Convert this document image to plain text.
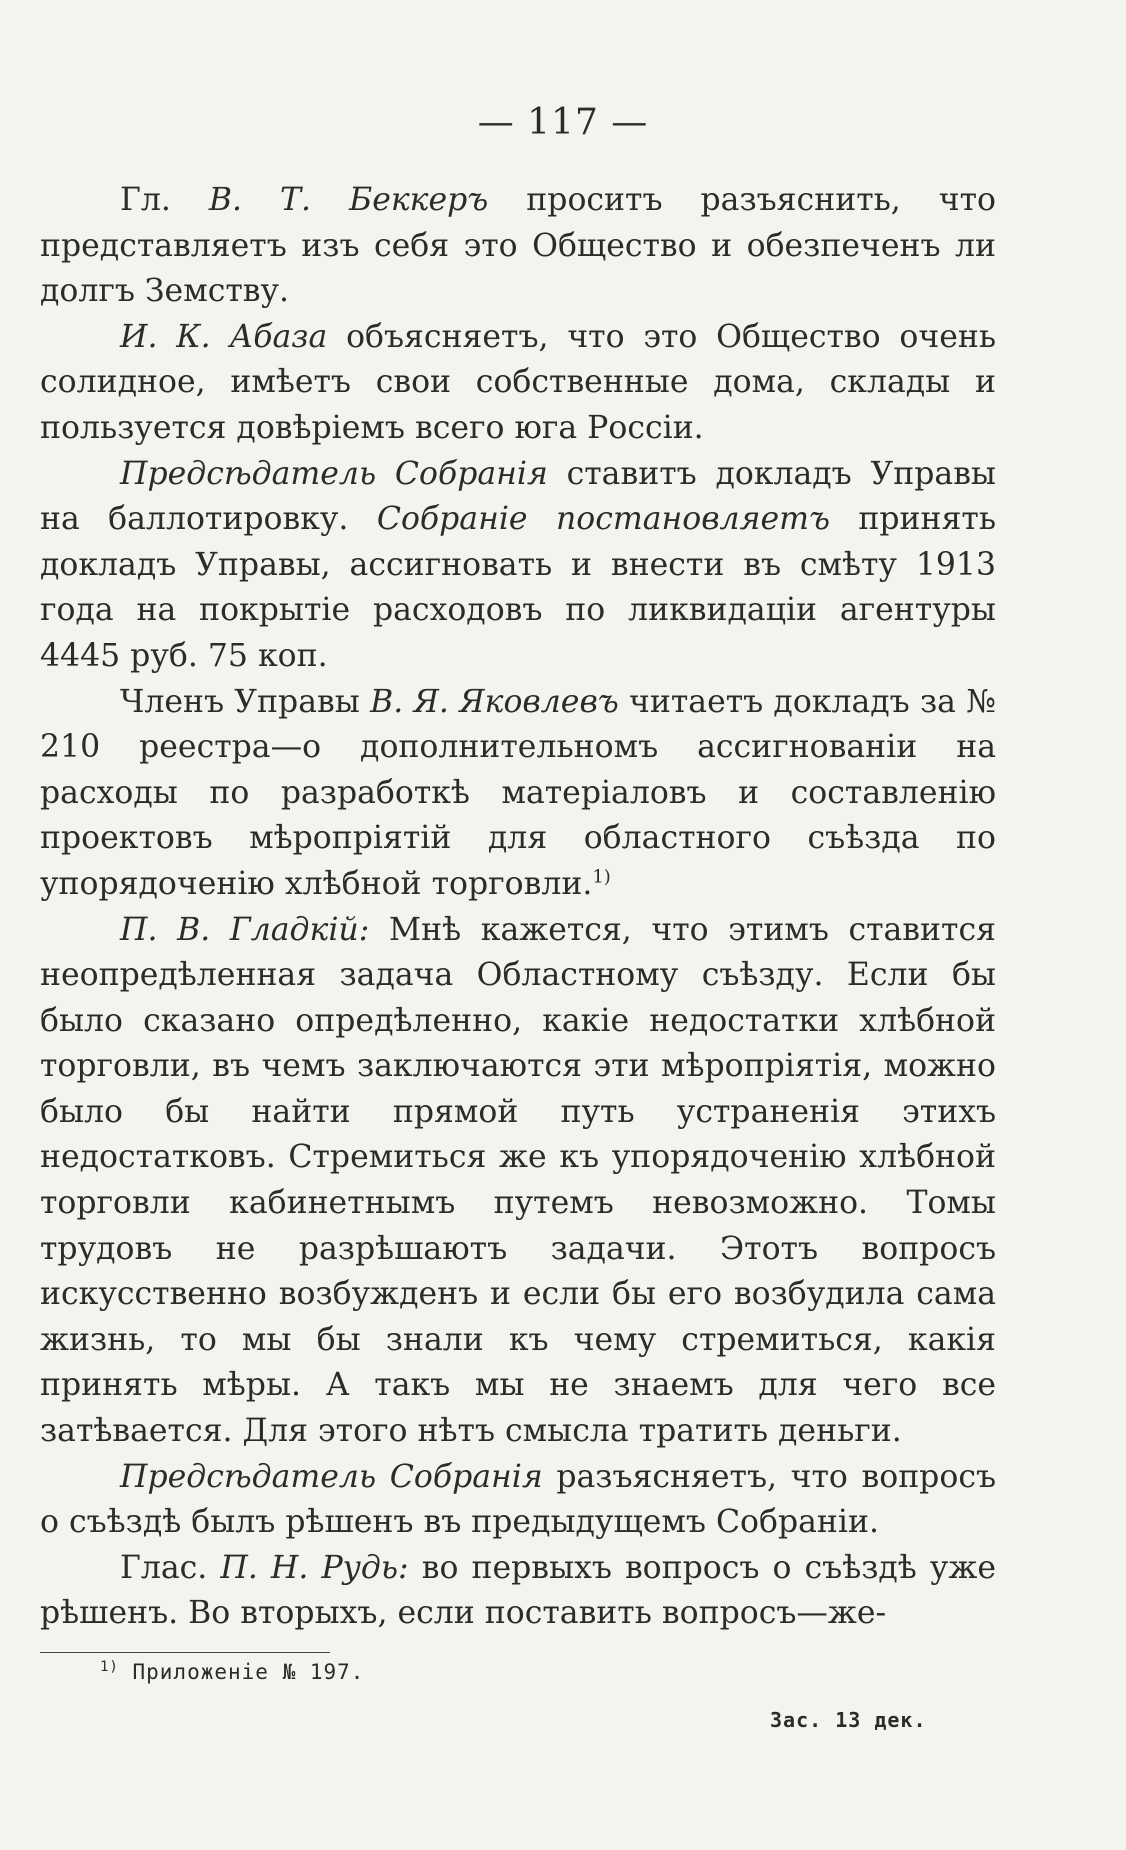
— 117 —

Гл. В. Т. Беккеръ проситъ разъяснить, что представляетъ изъ себя это Общество и обезпеченъ ли долгъ Земству.

И. К. Абаза объясняетъ, что это Общество очень солидное, имѣетъ свои собственные дома, склады и пользуется довѣріемъ всего юга Россіи.

Предсѣдатель Собранія ставитъ докладъ Управы на баллотировку. Собраніе постановляетъ принять докладъ Управы, ассигновать и внести въ смѣту 1913 года на покрытіе расходовъ по ликвидаціи агентуры 4445 руб. 75 коп.

Членъ Управы В. Я. Яковлевъ читаетъ докладъ за № 210 реестра—о дополнительномъ ассигнованіи на расходы по разработкѣ матеріаловъ и составленію проектовъ мѣропріятій для областного съѣзда по упорядоченію хлѣбной торговли.$^{1)}$

П. В. Гладкій: Мнѣ кажется, что этимъ ставится неопредѣленная задача Областному съѣзду. Если бы было сказано опредѣленно, какіе недостатки хлѣбной торговли, въ чемъ заключаются эти мѣропріятія, можно было бы найти прямой путь устраненія этихъ недостатковъ. Стремиться же къ упорядоченію хлѣбной торговли кабинетнымъ путемъ невозможно. Томы трудовъ не разрѣшаютъ задачи. Этотъ вопросъ искусственно возбужденъ и если бы его возбудила сама жизнь, то мы бы знали къ чему стремиться, какія принять мѣры. А такъ мы не знаемъ для чего все затѣвается. Для этого нѣтъ смысла тратить деньги.

Предсѣдатель Собранія разъясняетъ, что вопросъ о съѣздѣ былъ рѣшенъ въ предыдущемъ Собраніи.

Глас. П. Н. Рудь: во первыхъ вопросъ о съѣздѣ уже рѣшенъ. Во вторыхъ, если поставить вопросъ—же-

$^{1)}$ Приложеніе № 197.
Зас. 13 дек.
